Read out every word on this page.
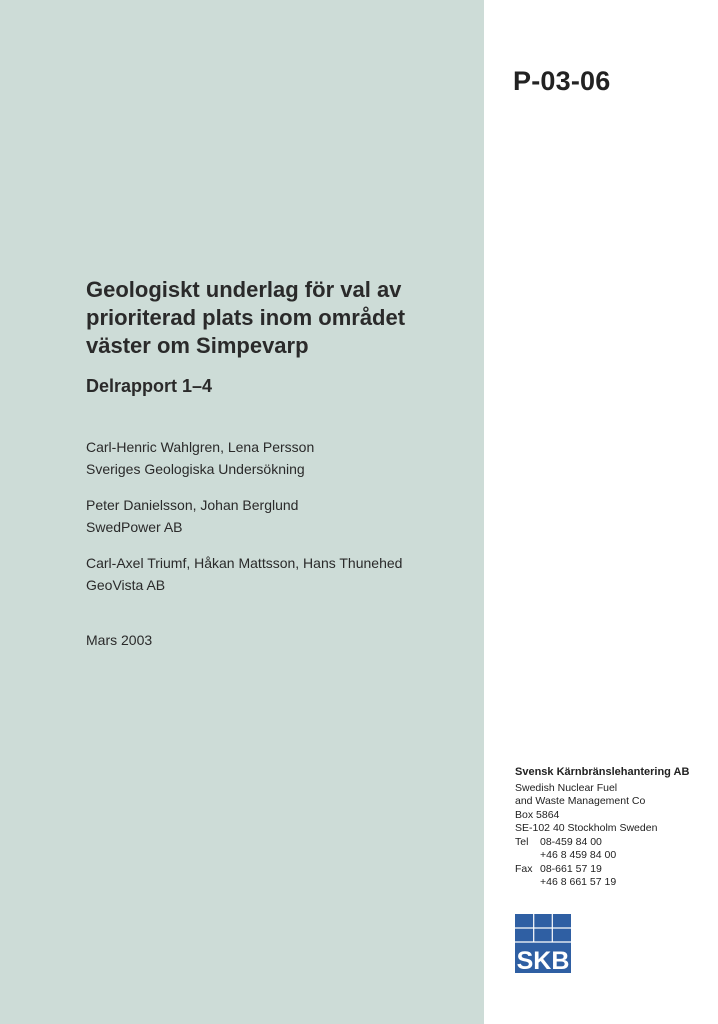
P-03-06
Geologiskt underlag för val av
prioriterad plats inom området
väster om Simpevarp
Delrapport 1–4
Carl-Henric Wahlgren, Lena Persson
Sveriges Geologiska Undersökning
Peter Danielsson, Johan Berglund
SwedPower AB
Carl-Axel Triumf, Håkan Mattsson, Hans Thunehed
GeoVista AB
Mars 2003
Svensk Kärnbränslehantering AB
Swedish Nuclear Fuel
and Waste Management Co
Box 5864
SE-102 40 Stockholm Sweden
Tel	08-459 84 00
+46 8 459 84 00
Fax 08-661 57 19
+46 8 661 57 19
SKB
